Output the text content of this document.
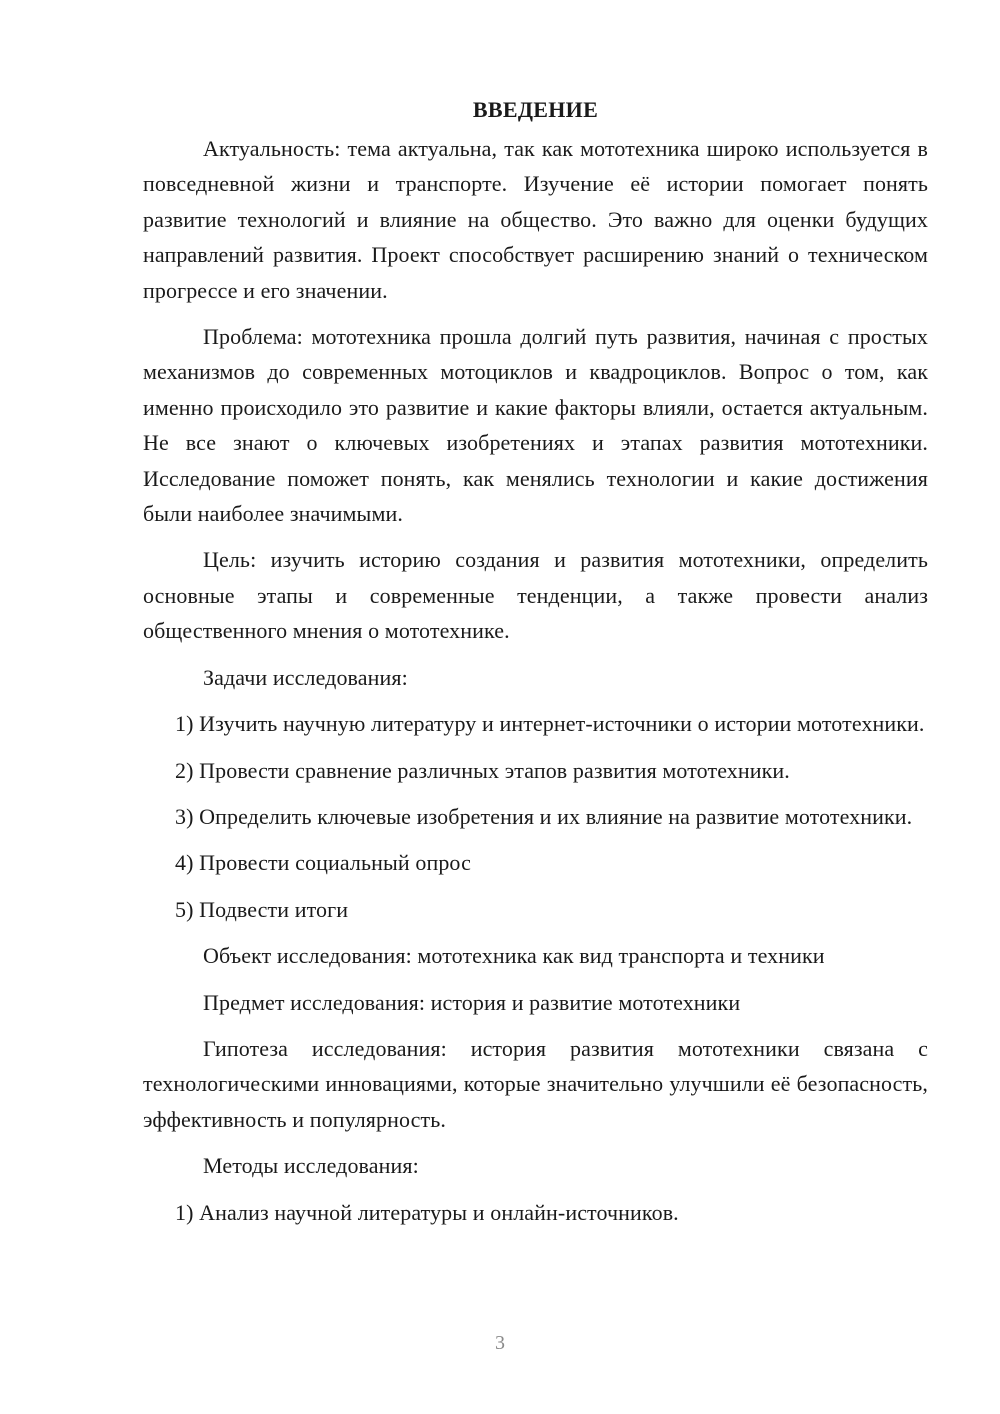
ВВЕДЕНИЕ

Актуальность: тема актуальна, так как мототехника широко используется в повседневной жизни и транспорте. Изучение её истории помогает понять развитие технологий и влияние на общество. Это важно для оценки будущих направлений развития. Проект способствует расширению знаний о техническом прогрессе и его значении.

Проблема: мототехника прошла долгий путь развития, начиная с простых механизмов до современных мотоциклов и квадроциклов. Вопрос о том, как именно происходило это развитие и какие факторы влияли, остается актуальным. Не все знают о ключевых изобретениях и этапах развития мототехники. Исследование поможет понять, как менялись технологии и какие достижения были наиболее значимыми.

Цель: изучить историю создания и развития мототехники, определить основные этапы и современные тенденции, а также провести анализ общественного мнения о мототехнике.

Задачи исследования:

1) Изучить научную литературу и интернет-источники о истории мототехники.

2) Провести сравнение различных этапов развития мототехники.

3) Определить ключевые изобретения и их влияние на развитие мототехники.

4) Провести социальный опрос

5) Подвести итоги

Объект исследования: мототехника как вид транспорта и техники

Предмет исследования: история и развитие мототехники

Гипотеза исследования: история развития мототехники связана с технологическими инновациями, которые значительно улучшили её безопасность, эффективность и популярность.

Методы исследования:

1) Анализ научной литературы и онлайн-источников.

3
